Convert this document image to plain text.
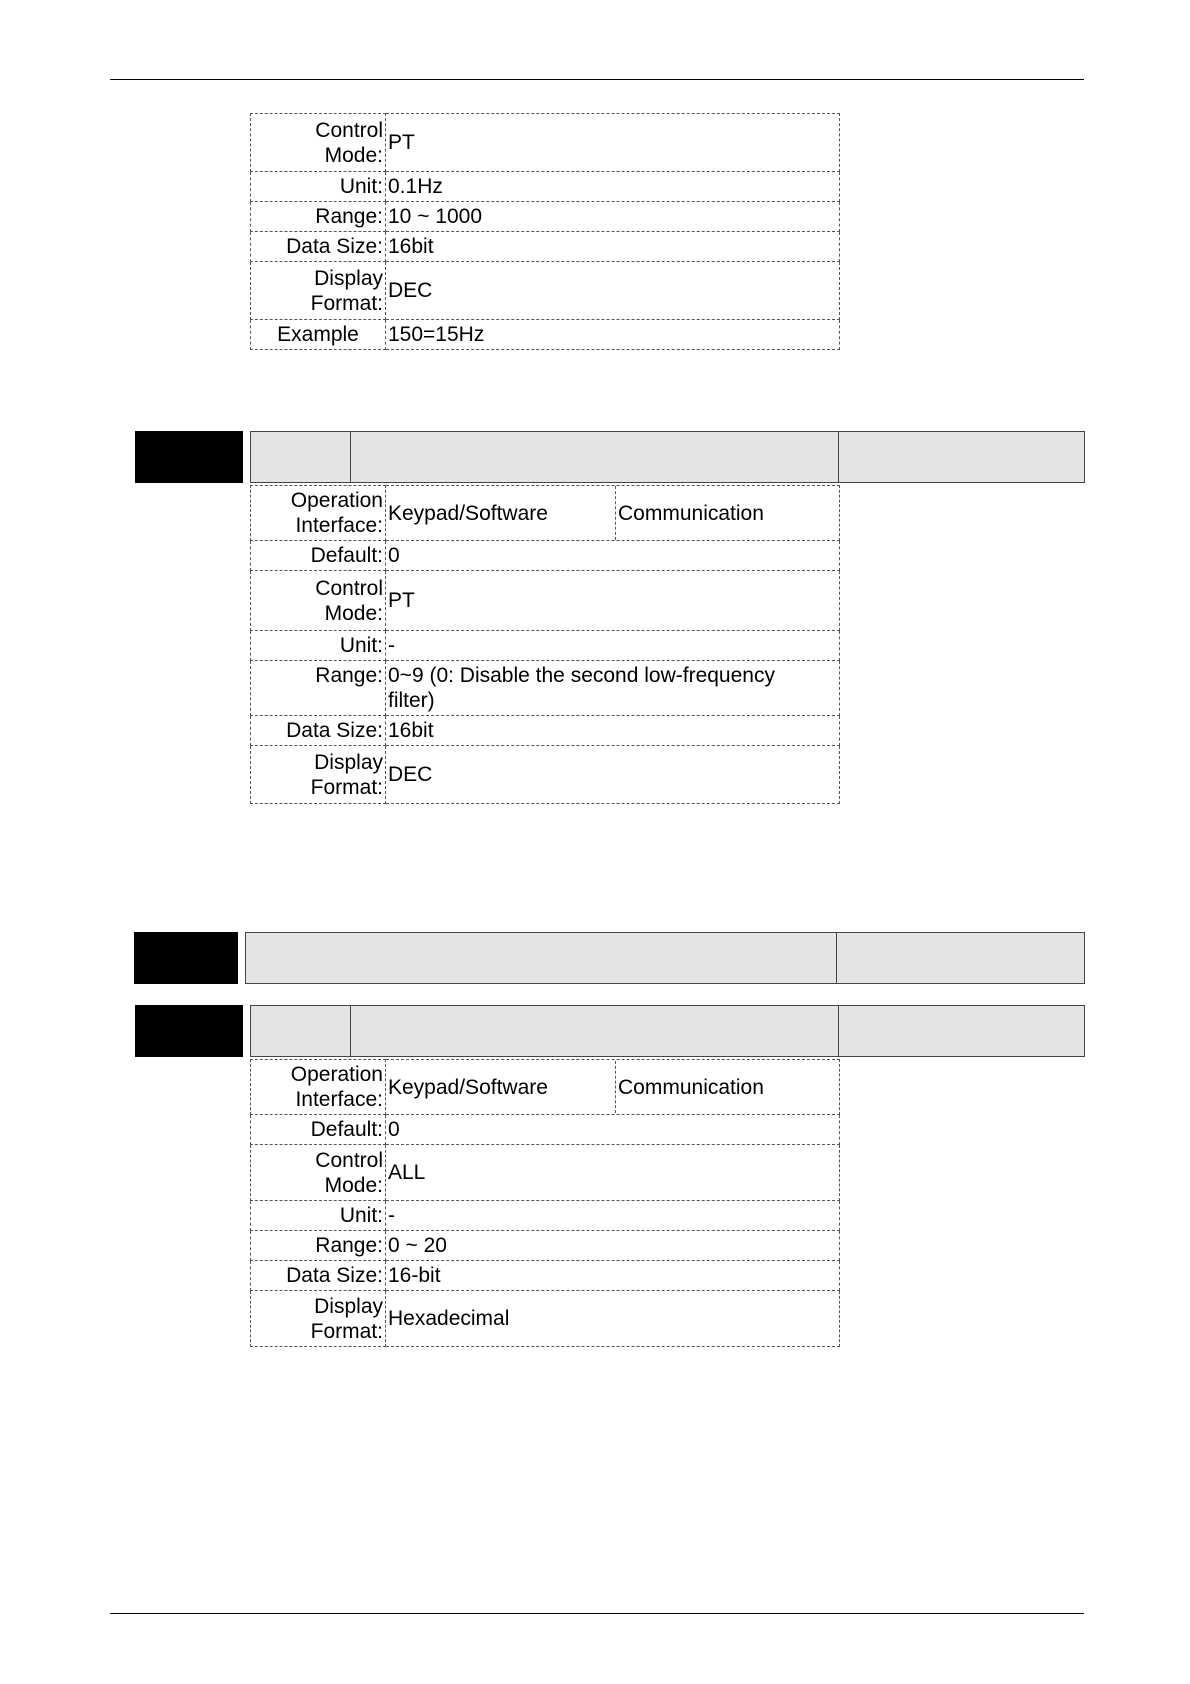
Control Mode:	PT
Unit:	0.1Hz
Range:	10 ~ 1000
Data Size:	16bit
Display Format:	DEC
Example	150=15Hz
Operation Interface:	Keypad/Software Communication

Default:	0
Control Mode:	PT
Unit:	-
Range:	0~9 (0: Disable the second low-frequency filter)
Data Size:	16bit
Display Format:	DEC
Operation Interface:	Keypad/Software Communication

Default:	0
Control Mode:	ALL
Unit:	-
Range:	0 ~ 20
Data Size:	16-bit
Display Format:	Hexadecimal
